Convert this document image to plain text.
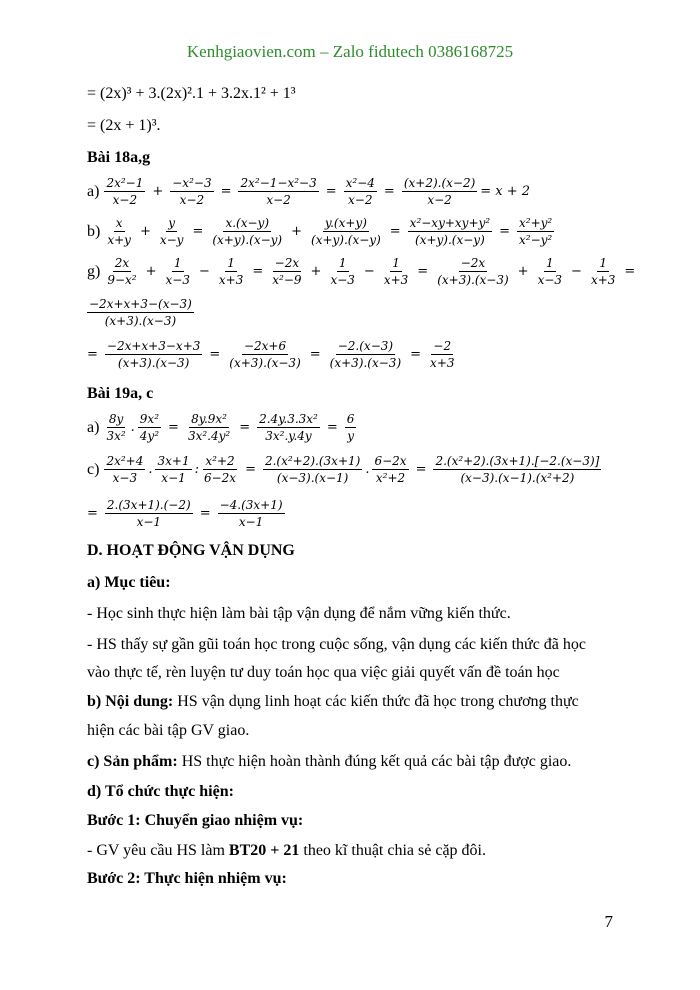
Kenhgiaovien.com – Zalo fidutech 0386168725
= (2x)³ + 3.(2x)².1 + 3.2x.1² + 1³
= (2x + 1)³.
Bài 18a,g
$a) \frac{\text{2x²−1}}{x-2} + \frac{\text{−x²−3}}{x-2} = \frac{\text{2x²−1−x²−3}}{x-2} = \frac{\text{x²−4}}{x-2} = \frac{(x+2).(x-2)}{x-2} = x + 2$
$b) \frac{x}{x+y} + \frac{y}{x-y} = \frac{x.(x-y)}{(x+y).(x-y)} + \frac{y.(x+y)}{(x+y).(x-y)} = \frac{\text{x²−xy+xy+y²}}{(x+y).(x-y)} = \frac{\text{x²+y²}}{\text{x²−y²}}$
$g) \frac{2x}{\text{9−x²}} + \frac{1}{x-3} - \frac{1}{x+3} = \frac{-2x}{\text{x²−9}} + \frac{1}{x-3} - \frac{1}{x+3} = \frac{-2x}{(x+3).(x-3)} + \frac{1}{x-3} - \frac{1}{x+3}$ =
$\frac{-2x+x+3-(x-3)}{(x+3).(x-3)}$
= $\frac{-2x+x+3-x+3}{(x+3).(x-3)} = \frac{-2x+6}{(x+3).(x-3)} = \frac{-2.(x-3)}{(x+3).(x-3)} = \frac{-2}{x+3}$
Bài 19a, c
$a) \frac{8y}{\text{3x²}}$ . $\frac{\text{9x²}}{\text{4y²}} = \frac{\text{8y.9x²}}{\text{3x².4y²}} = \frac{\text{2.4y.3.3x²}}{\text{3x².y.4y}} = \frac{6}{y}$
$c) \frac{\text{2x²+4}}{x-3}$ . $\frac{3x+1}{x-1}$ : $\frac{\text{x²+2}}{6-2x} = \frac{\text{2.(x²+2).(3x+1)}}{(x-3).(x-1)}$ . $\frac{6-2x}{\text{x²+2}} = \frac{\text{2.(x²+2).(3x+1).[−2.(x−3)]}}{\text{(x−3).(x−1).(x²+2)}}$
= $\frac{2.(3x+1).(-2)}{x-1} = \frac{-4.(3x+1)}{x-1}$
D. HOẠT ĐỘNG VẬN DỤNG
a) Mục tiêu:
- Học sinh thực hiện làm bài tập vận dụng để nắm vững kiến thức.
- HS thấy sự gần gũi toán học trong cuộc sống, vận dụng các kiến thức đã học
vào thực tế, rèn luyện tư duy toán học qua việc giải quyết vấn đề toán học
b) Nội dung: HS vận dụng linh hoạt các kiến thức đã học trong chương thực
hiện các bài tập GV giao.
c) Sản phẩm: HS thực hiện hoàn thành đúng kết quả các bài tập được giao.
d) Tổ chức thực hiện:
Bước 1: Chuyển giao nhiệm vụ:
- GV yêu cầu HS làm BT20 + 21 theo kĩ thuật chia sẻ cặp đôi.
Bước 2: Thực hiện nhiệm vụ:
7
